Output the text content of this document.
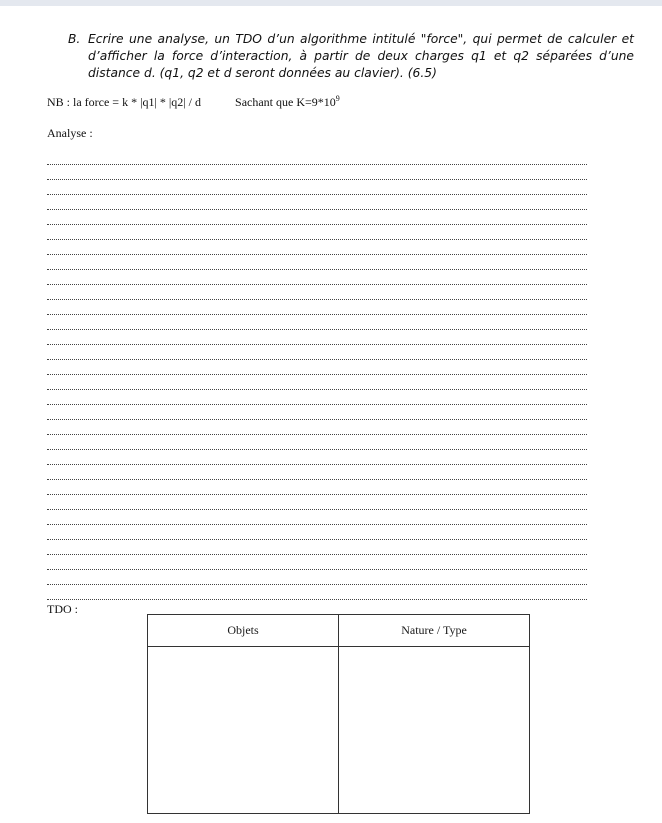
B. Ecrire une analyse, un TDO d’un algorithme intitulé "force", qui permet de calculer et d’afficher la force d’interaction, à partir de deux charges q1 et q2 séparées d’une distance d. (q1, q2 et d seront données au clavier). (6.5)
NB : la force = k * |q1| * |q2| / d	Sachant que $K=9*10^9$
Analyse :
TDO :
Objets	Nature / Type
